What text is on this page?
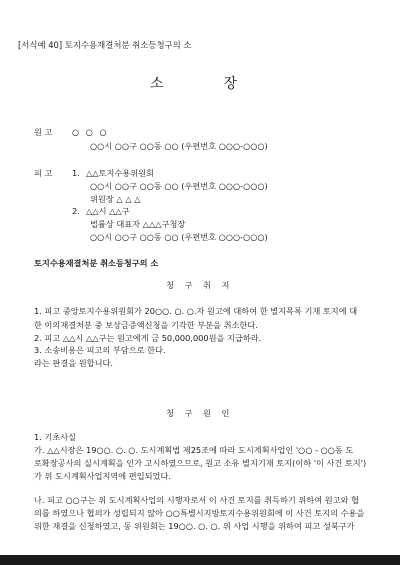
[서식예 40] 토지수용재결처분 취소등청구의 소
소	장
원 고 ○ ○ ○
○○시 ○○구 ○○동 ○○ (우편번호 ○○○-○○○)
피 고 1. △△토지수용위원회
○○시 ○○구 ○○동 ○○ (우편번호 ○○○-○○○)
위원장 △ △ △
2. △△시 △△구
법률상 대표자 △△△구청장
○○시 ○○구 ○○동 ○○ (우편번호 ○○○-○○○)
토지수용재결처분 취소등청구의 소
청 구 취 지
1. 피고 중앙토지수용위원회가 20○○. ○. ○.자 원고에 대하여 한 별지목록 기재 토지에 대
한 이의재결처분 중 보상금증액신청을 기각한 부분을 취소한다.
2. 피고 △△시 △△구는 원고에게 금 50,000,000원을 지급하라.
3. 소송비용은 피고의 부담으로 한다.
라는 판결을 원합니다.
청 구 원 인
1. 기초사실
가. △△시장은 19○○. ○. ○. 도시계획법 제25조에 따라 도시계획사업인 '○○ - ○○동 도
로확장공사의 실시계획을 인가 고시하였으므로, 원고 소유 별지기재 토지(이하 '이 사건 토지')
가 위 도시계획사업지역에 편입되었다.
나. 피고 ○○구는 위 도시계획사업의 시행자로서 이 사건 토지를 취득하기 위하여 원고와 협
의를 하였으나 협의가 성립되지 않아 ○○특별시지방토지수용위원회에 이 사건 토지의 수용을
위한 재결을 신청하였고, 동 위원회는 19○○. ○. ○. 위 사업 시행을 위하여 피고 성북구가
